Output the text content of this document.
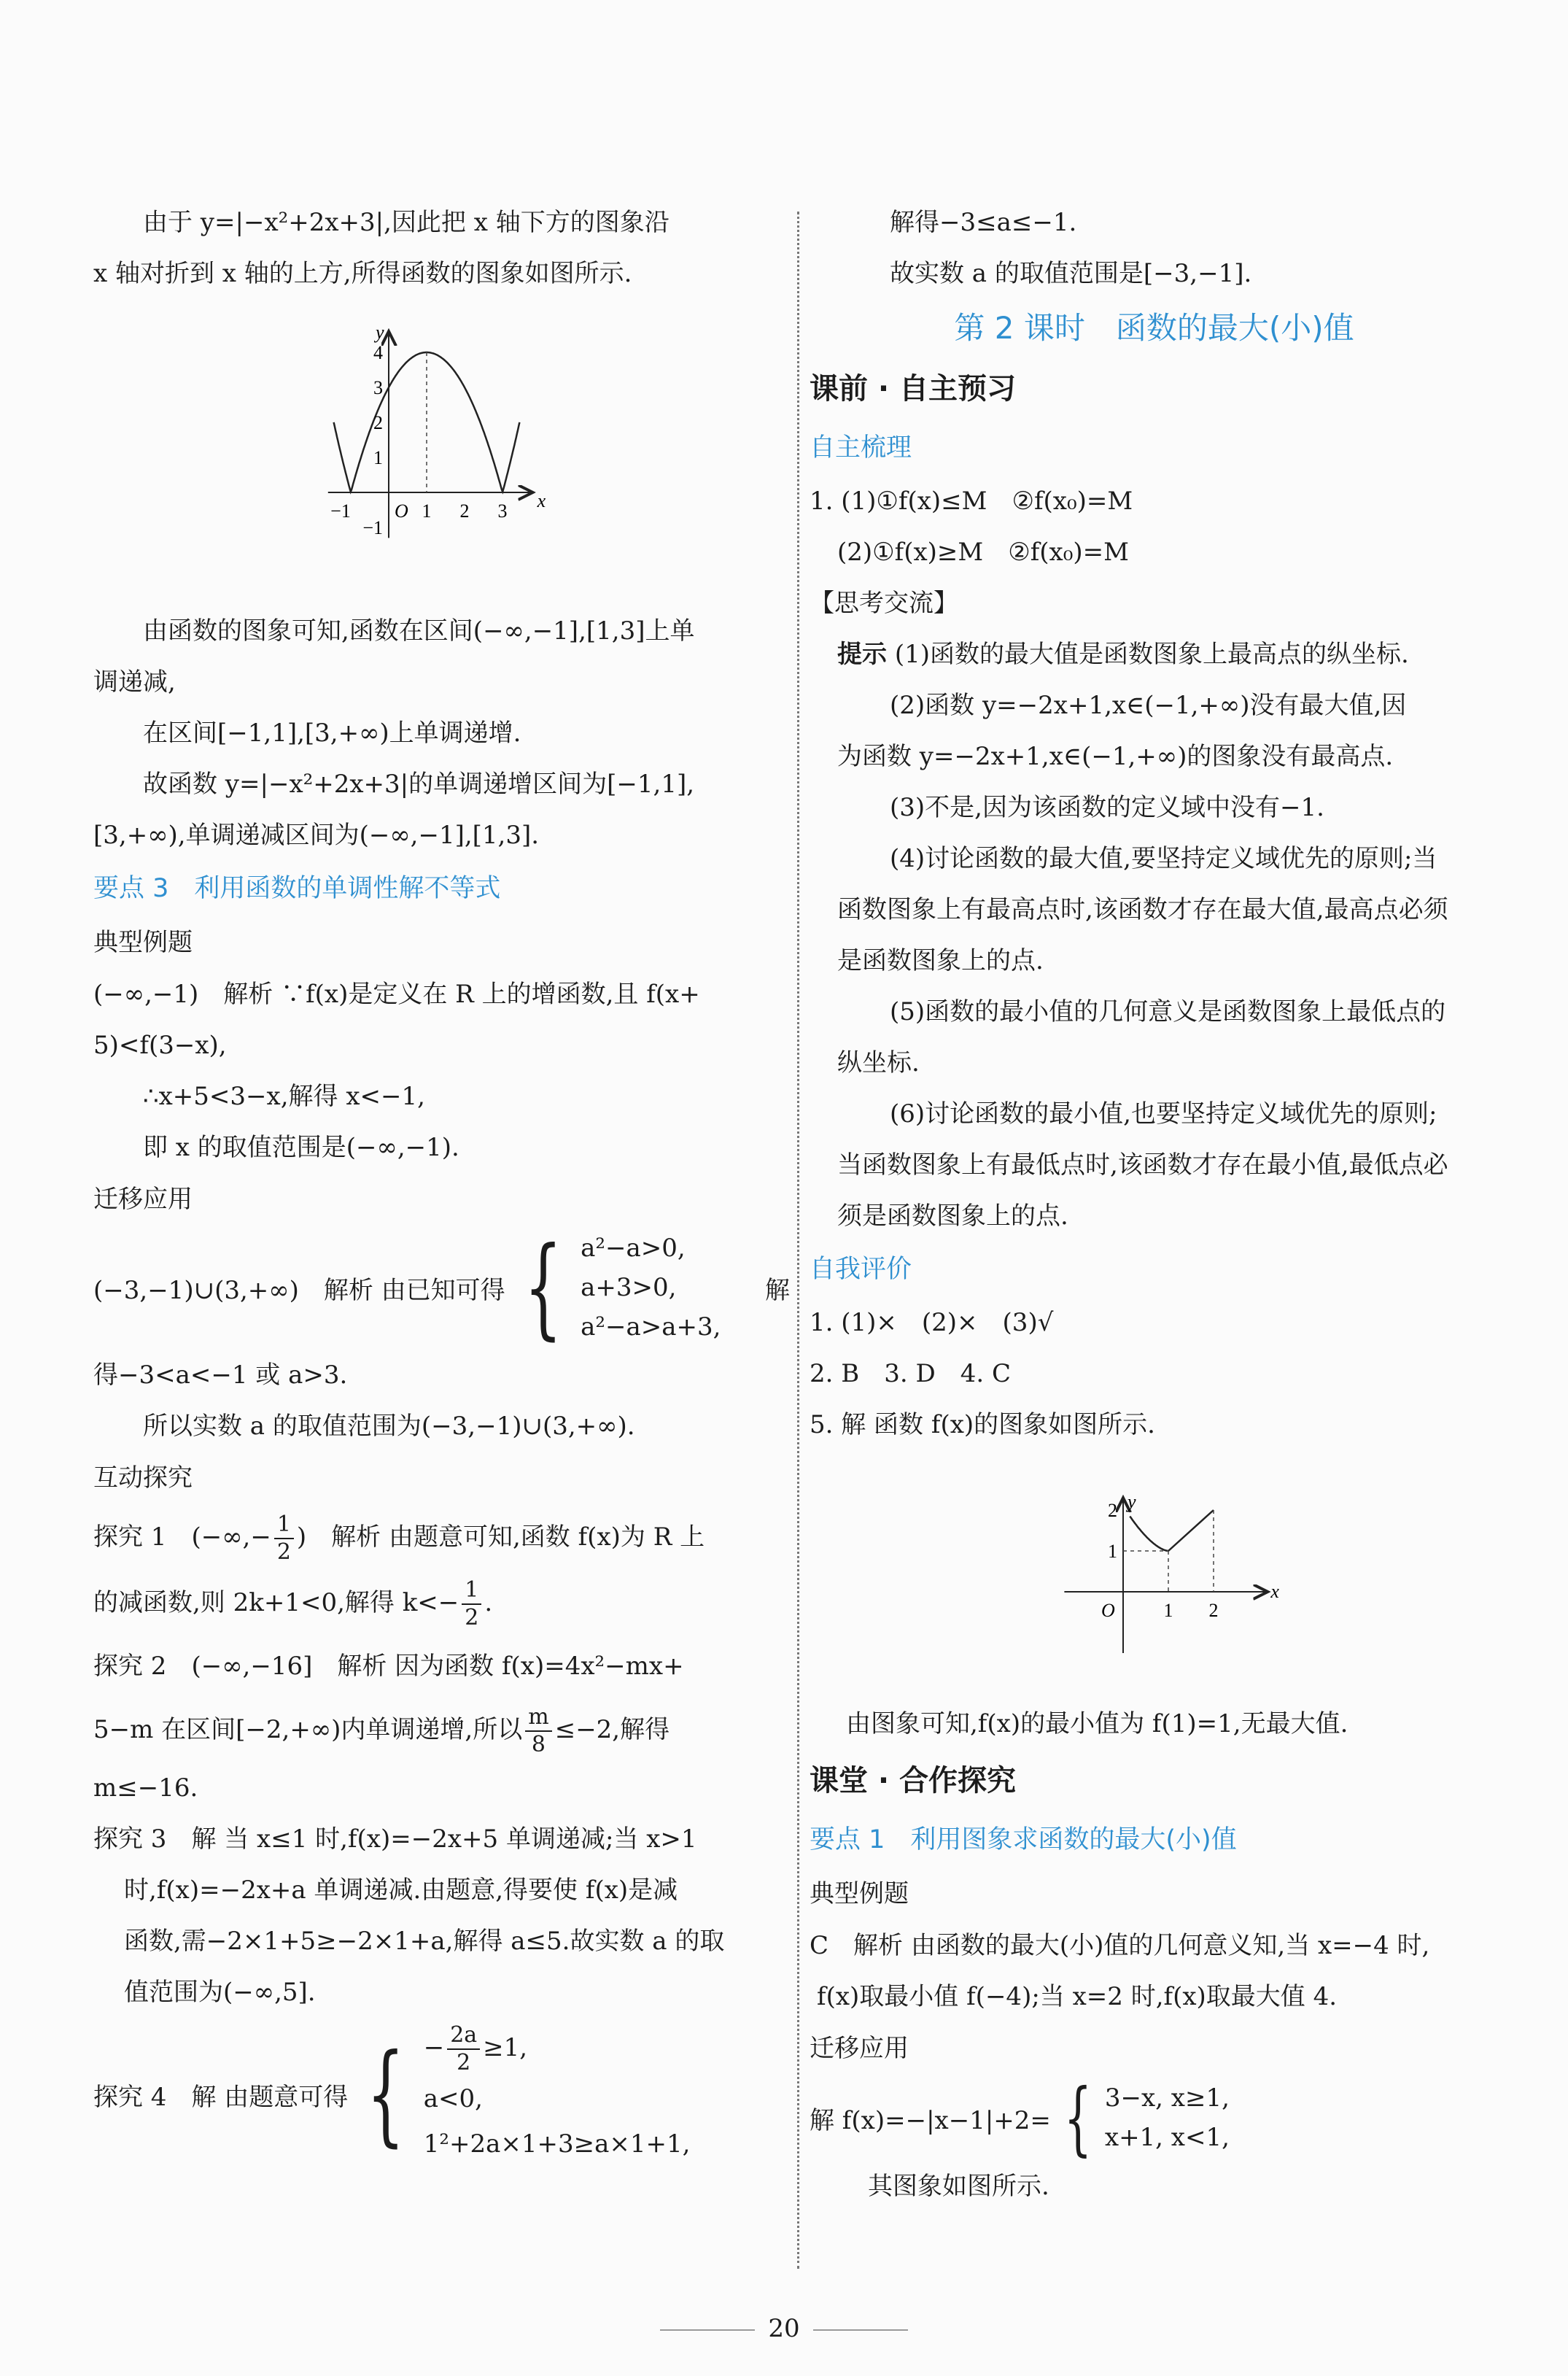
由于 y=|−x²+2x+3|,因此把 x 轴下方的图象沿

x 轴对折到 x 轴的上方,所得函数的图象如图所示.

−1	1 2 3
4
3
2
1
−1
O	x
y

由函数的图象可知,函数在区间(−∞,−1],[1,3]上单

调递减,

在区间[−1,1],[3,+∞)上单调递增.

故函数 y=|−x²+2x+3|的单调递增区间为[−1,1],

[3,+∞),单调递减区间为(−∞,−1],[1,3].

要点 3　利用函数的单调性解不等式

典型例题

(−∞,−1)　解析 ∵f(x)是定义在 R 上的增函数,且 f(x+

5)<f(3−x),

∴x+5<3−x,解得 x<−1,

即 x 的取值范围是(−∞,−1).

迁移应用

(−3,−1)∪(3,+∞)　解析 由已知可得 { a²−a>0,
a+3>0,
a²−a>a+3,
解

得−3<a<−1 或 a>3.

所以实数 a 的取值范围为(−3,−1)∪(3,+∞).

互动探究

探究 1　(−∞,− $\frac{1}{2}$ )　解析 由题意可知,函数 f(x)为 R 上

的减函数,则 2k+1<0,解得 $k<- \frac{1}{2}$ .

探究 2　(−∞,−16]　解析 因为函数 f(x)=4x²−mx+

5−m 在区间[−2,+∞)内单调递增,所以 $\frac{m}{8} \le-2$,解得

m≤−16.

探究 3　解 当 x≤1 时,f(x)=−2x+5 单调递减;当 x>1

时,f(x)=−2x+a 单调递减.由题意,得要使 f(x)是减

函数,需−2×1+5≥−2×1+a,解得 a≤5.故实数 a 的取

值范围为(−∞,5].

探究 4　解 由题意可得 { − $\frac{2a}{2} \ge 1$,
a<0,
1²+2a×1+3≥a×1+1,

解得−3≤a≤−1.

故实数 a 的取值范围是[−3,−1].

第 2 课时　函数的最大(小)值

课前 · 自主预习

自主梳理

1. (1)①f(x)≤M　②f(x₀)=M

(2)①f(x)≥M　②f(x₀)=M

【思考交流】

提示 (1)函数的最大值是函数图象上最高点的纵坐标.

(2)函数 y=−2x+1,x∈(−1,+∞)没有最大值,因

为函数 y=−2x+1,x∈(−1,+∞)的图象没有最高点.

(3)不是,因为该函数的定义域中没有−1.

(4)讨论函数的最大值,要坚持定义域优先的原则;当

函数图象上有最高点时,该函数才存在最大值,最高点必须

是函数图象上的点.

(5)函数的最小值的几何意义是函数图象上最低点的

纵坐标.

(6)讨论函数的最小值,也要坚持定义域优先的原则;

当函数图象上有最低点时,该函数才存在最小值,最低点必

须是函数图象上的点.

自我评价

1. (1)×　(2)×　(3)√

2. B　3. D　4. C

5. 解 函数 f(x)的图象如图所示.

1 2
2
1
O
x
y

由图象可知,f(x)的最小值为 f(1)=1,无最大值.

课堂 · 合作探究

要点 1　利用图象求函数的最大(小)值

典型例题

C　解析 由函数的最大(小)值的几何意义知,当 x=−4 时,

f(x)取最小值 f(−4);当 x=2 时,f(x)取最大值 4.

迁移应用

解 f(x)=−|x−1|+2= { 3−x, x≥1,
x+1, x<1,

其图象如图所示.

20
